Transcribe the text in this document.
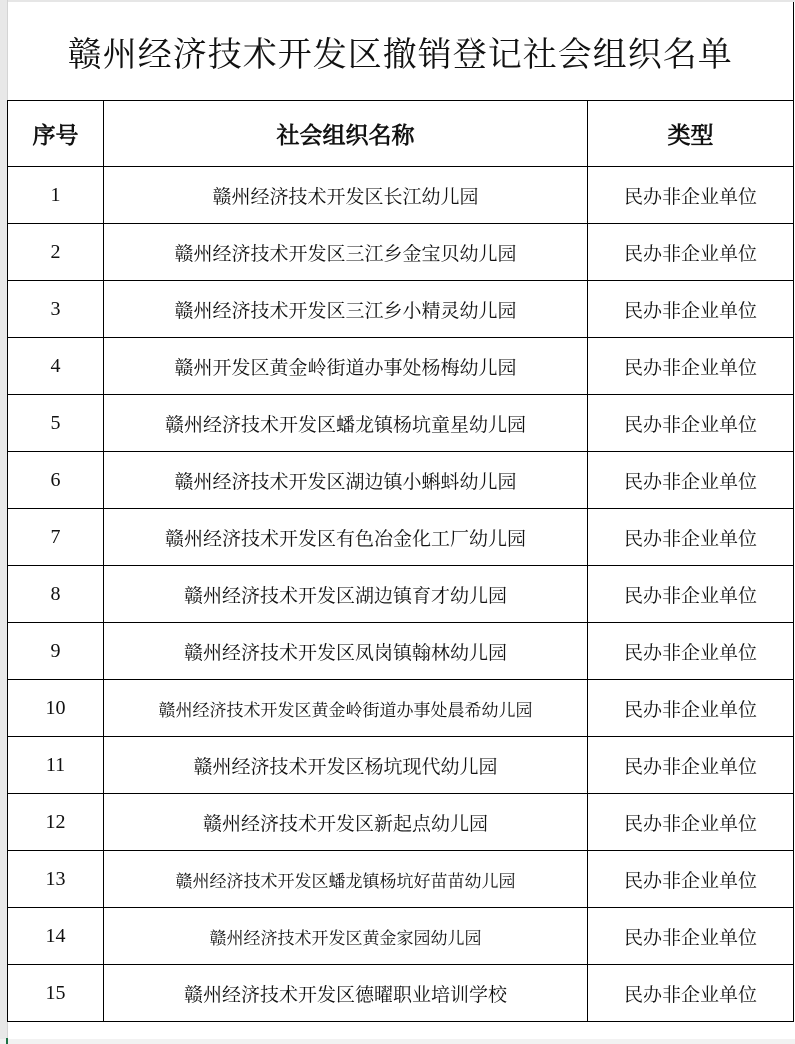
赣州经济技术开发区撤销登记社会组织名单		
序号	社会组织名称	类型
1	赣州经济技术开发区长江幼儿园	民办非企业单位
2	赣州经济技术开发区三江乡金宝贝幼儿园	民办非企业单位
3	赣州经济技术开发区三江乡小精灵幼儿园	民办非企业单位
4	赣州开发区黄金岭街道办事处杨梅幼儿园	民办非企业单位
5	赣州经济技术开发区蟠龙镇杨坑童星幼儿园	民办非企业单位
6	赣州经济技术开发区湖边镇小蝌蚪幼儿园	民办非企业单位
7	赣州经济技术开发区有色冶金化工厂幼儿园	民办非企业单位
8	赣州经济技术开发区湖边镇育才幼儿园	民办非企业单位
9	赣州经济技术开发区凤岗镇翰林幼儿园	民办非企业单位
10	赣州经济技术开发区黄金岭街道办事处晨希幼儿园	民办非企业单位
11	赣州经济技术开发区杨坑现代幼儿园	民办非企业单位
12	赣州经济技术开发区新起点幼儿园	民办非企业单位
13	赣州经济技术开发区蟠龙镇杨坑好苗苗幼儿园	民办非企业单位
14	赣州经济技术开发区黄金家园幼儿园	民办非企业单位
15	赣州经济技术开发区德曜职业培训学校	民办非企业单位
